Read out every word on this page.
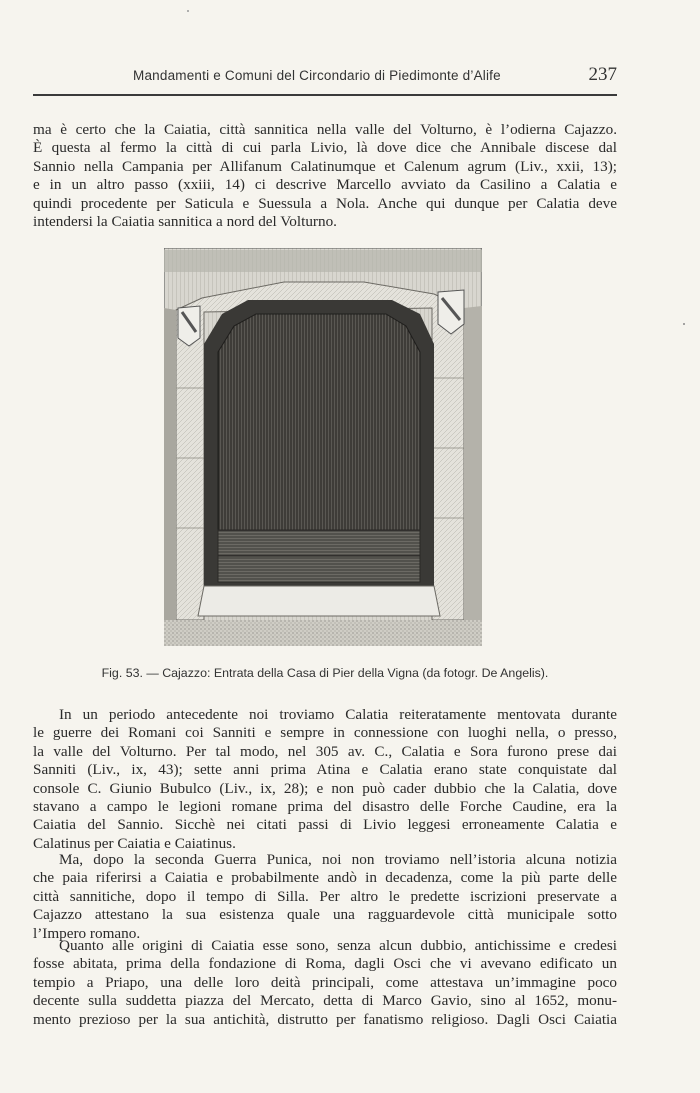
Mandamenti e Comuni del Circondario di Piedimonte d’Alife	237
ma è certo che la Caiatia, città sannitica nella valle del Volturno, è l’odierna Cajazzo.
È questa al fermo la città di cui parla Livio, là dove dice che Annibale discese dal
Sannio nella Campania per Allifanum Calatinumque et Calenum agrum (Liv., xxii, 13);
e in un altro passo (xxiii, 14) ci descrive Marcello avviato da Casilino a Calatia e
quindi procedente per Saticula e Suessula a Nola. Anche qui dunque per Calatia deve
intendersi la Caiatia sannitica a nord del Volturno.
Fig. 53. — Cajazzo: Entrata della Casa di Pier della Vigna (da fotogr. De Angelis).
In un periodo antecedente noi troviamo Calatia reiteratamente mentovata durante
le guerre dei Romani coi Sanniti e sempre in connessione con luoghi nella, o presso,
la valle del Volturno. Per tal modo, nel 305 av. C., Calatia e Sora furono prese dai
Sanniti (Liv., ix, 43); sette anni prima Atina e Calatia erano state conquistate dal
console C. Giunio Bubulco (Liv., ix, 28); e non può cader dubbio che la Calatia, dove
stavano a campo le legioni romane prima del disastro delle Forche Caudine, era la
Caiatia del Sannio. Sicchè nei citati passi di Livio leggesi erroneamente Calatia e
Calatinus per Caiatia e Caiatinus.
Ma, dopo la seconda Guerra Punica, noi non troviamo nell’istoria alcuna notizia
che paia riferirsi a Caiatia e probabilmente andò in decadenza, come la più parte delle
città sannitiche, dopo il tempo di Silla. Per altro le predette iscrizioni preservate a
Cajazzo attestano la sua esistenza quale una ragguardevole città municipale sotto
l’Impero romano.
Quanto alle origini di Caiatia esse sono, senza alcun dubbio, antichissime e credesi
fosse abitata, prima della fondazione di Roma, dagli Osci che vi avevano edificato un
tempio a Priapo, una delle loro deità principali, come attestava un’immagine poco
decente sulla suddetta piazza del Mercato, detta di Marco Gavio, sino al 1652, monu-
mento prezioso per la sua antichità, distrutto per fanatismo religioso. Dagli Osci Caiatia
